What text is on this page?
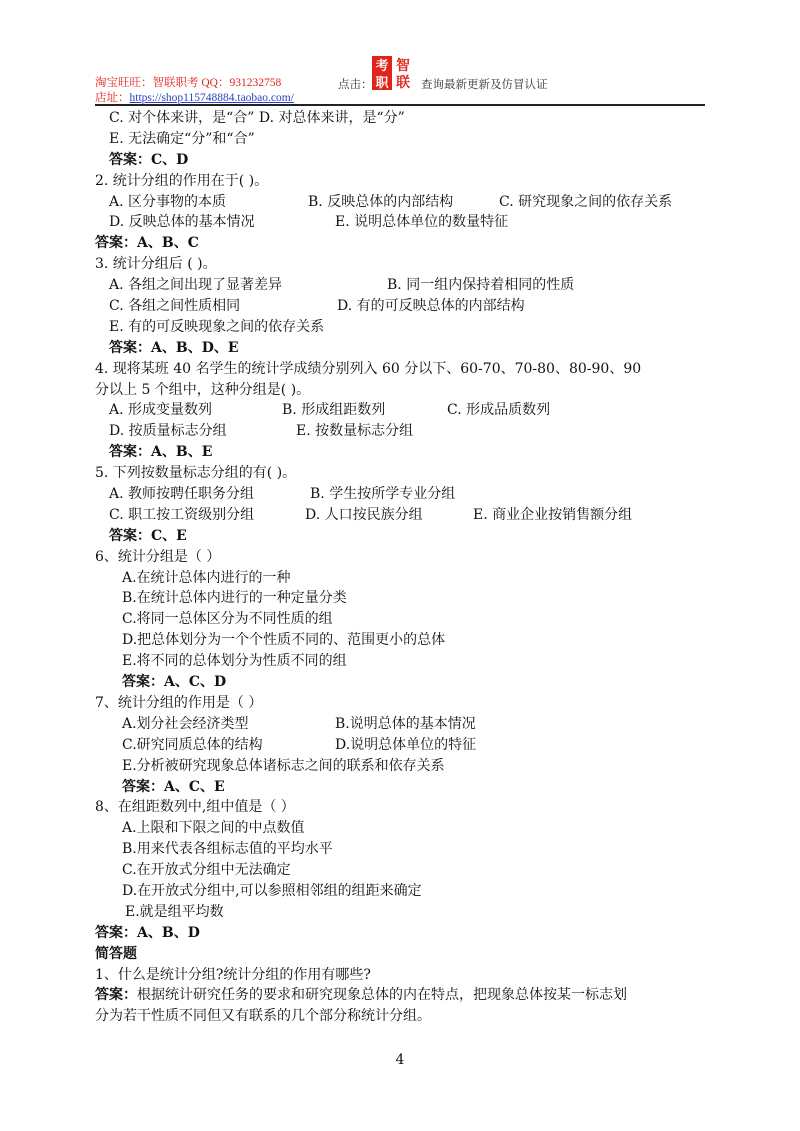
淘宝旺旺：智联职考 QQ：931232758
店址：https://shop115748884.taobao.com/
点击：
考 智
职 联 查询最新更新及仿冒认证
C. 对个体来讲，是“合” D. 对总体来讲，是“分”
E. 无法确定“分”和“合”
答案：C、D
2. 统计分组的作用在于( )。
A. 区分事物的本质	B. 反映总体的内部结构	C. 研究现象之间的依存关系
D. 反映总体的基本情况	E. 说明总体单位的数量特征
答案：A、B、C
3. 统计分组后 ( )。
A. 各组之间出现了显著差异	B. 同一组内保持着相同的性质
C. 各组之间性质相同	D. 有的可反映总体的内部结构
E. 有的可反映现象之间的依存关系
答案：A、B、D、E
4. 现将某班 40 名学生的统计学成绩分别列入 60 分以下、60-70、70-80、80-90、90
分以上 5 个组中，这种分组是( )。
A. 形成变量数列	B. 形成组距数列	C. 形成品质数列
D. 按质量标志分组	E. 按数量标志分组
答案：A、B、E
5. 下列按数量标志分组的有( )。
A. 教师按聘任职务分组	B. 学生按所学专业分组
C. 职工按工资级别分组	D. 人口按民族分组	E. 商业企业按销售额分组
答案：C、E
6、统计分组是（ ）
A.在统计总体内进行的一种
B.在统计总体内进行的一种定量分类
C.将同一总体区分为不同性质的组
D.把总体划分为一个个性质不同的、范围更小的总体
E.将不同的总体划分为性质不同的组
答案：A、C、D
7、统计分组的作用是（ ）
A.划分社会经济类型	B.说明总体的基本情况
C.研究同质总体的结构	D.说明总体单位的特征
E.分析被研究现象总体诸标志之间的联系和依存关系
答案：A、C、E
8、在组距数列中,组中值是（ ）
A.上限和下限之间的中点数值
B.用来代表各组标志值的平均水平
C.在开放式分组中无法确定
D.在开放式分组中,可以参照相邻组的组距来确定
E.就是组平均数
答案：A、B、D
简答题
1、什么是统计分组?统计分组的作用有哪些?
答案：根据统计研究任务的要求和研究现象总体的内在特点，把现象总体按某一标志划
分为若干性质不同但又有联系的几个部分称统计分组。
4
